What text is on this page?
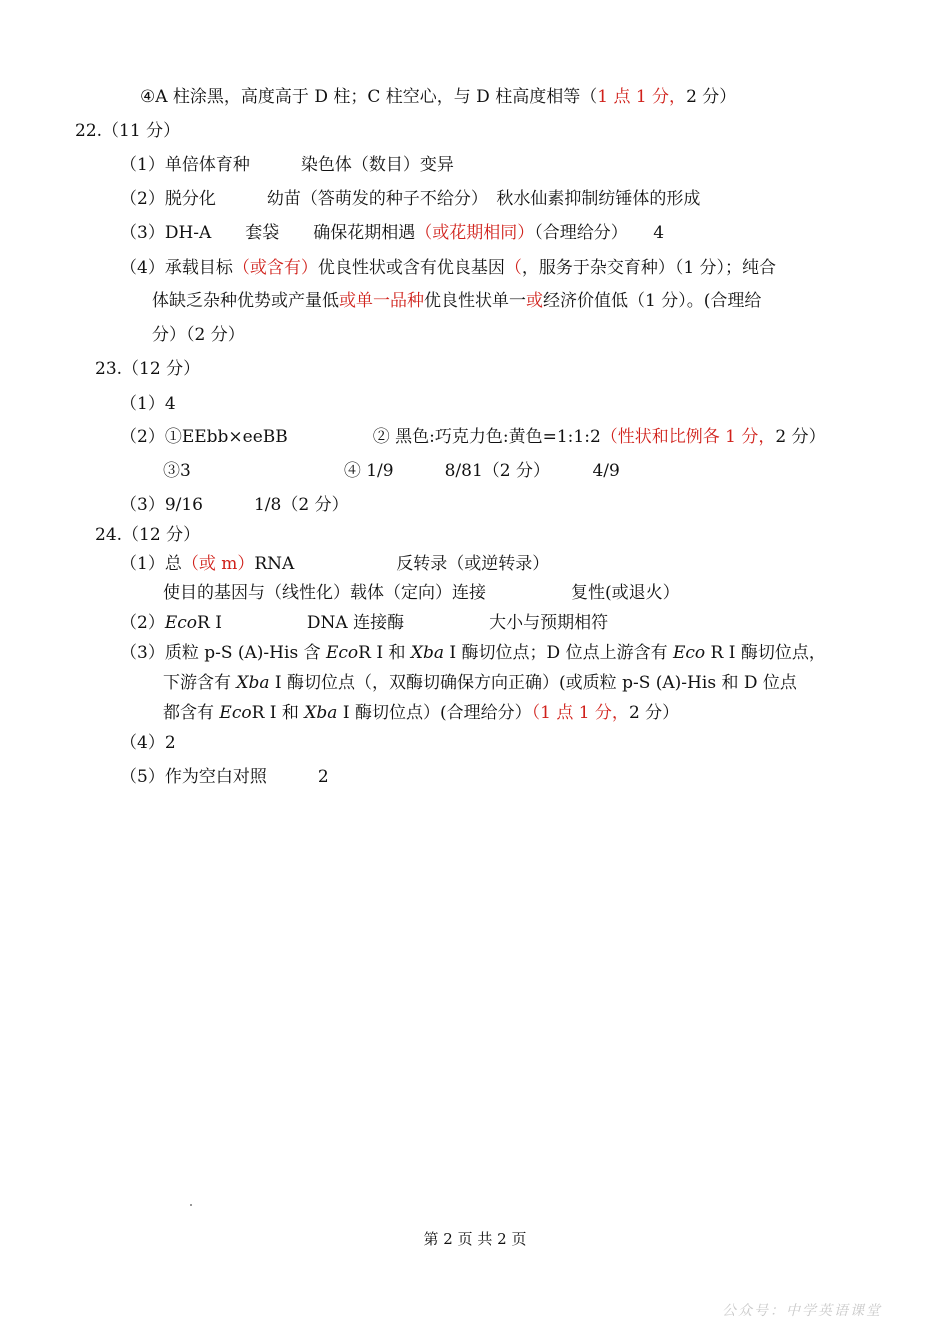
④A 柱涂黑，高度高于 D 柱；C 柱空心，与 D 柱高度相等（1 点 1 分，2 分）
22.（11 分）
（1）单倍体育种　　　染色体（数目）变异
（2）脱分化　　　幼苗（答萌发的种子不给分）　秋水仙素抑制纺锤体的形成
（3）DH-A　　套袋　　确保花期相遇（或花期相同）（合理给分）　　4
（4）承载目标（或含有）优良性状或含有优良基因（，服务于杂交育种）（1 分）；纯合
体缺乏杂种优势或产量低或单一品种优良性状单一或经济价值低（1 分）。(合理给
分）（2 分）
23.（12 分）
（1）4
（2）①EEbb×eeBB　　　　　② 黑色:巧克力色:黄色=1:1:2（性状和比例各 1 分，2 分）
③3　　　　　　　　　④ 1/9　　　8/81（2 分）　　　4/9
（3）9/16　　　1/8（2 分）
24.（12 分）
（1）总（或 m）RNA　　　　　　反转录（或逆转录）
使目的基因与（线性化）载体（定向）连接　　　　　复性(或退火）
（2）EcoR Ⅰ　　　　　DNA 连接酶　　　　　大小与预期相符
（3）质粒 p-S (A)-His 含 EcoR Ⅰ 和 Xba Ⅰ 酶切位点；D 位点上游含有 Eco R I 酶切位点，
下游含有 Xba Ⅰ 酶切位点（，双酶切确保方向正确）(或质粒 p-S (A)-His 和 D 位点
都含有 EcoR Ⅰ 和 Xba Ⅰ 酶切位点）(合理给分）（1 点 1 分，2 分）
（4）2
（5）作为空白对照　　　2
第 2 页 共 2 页
公众号：中学英语课堂
